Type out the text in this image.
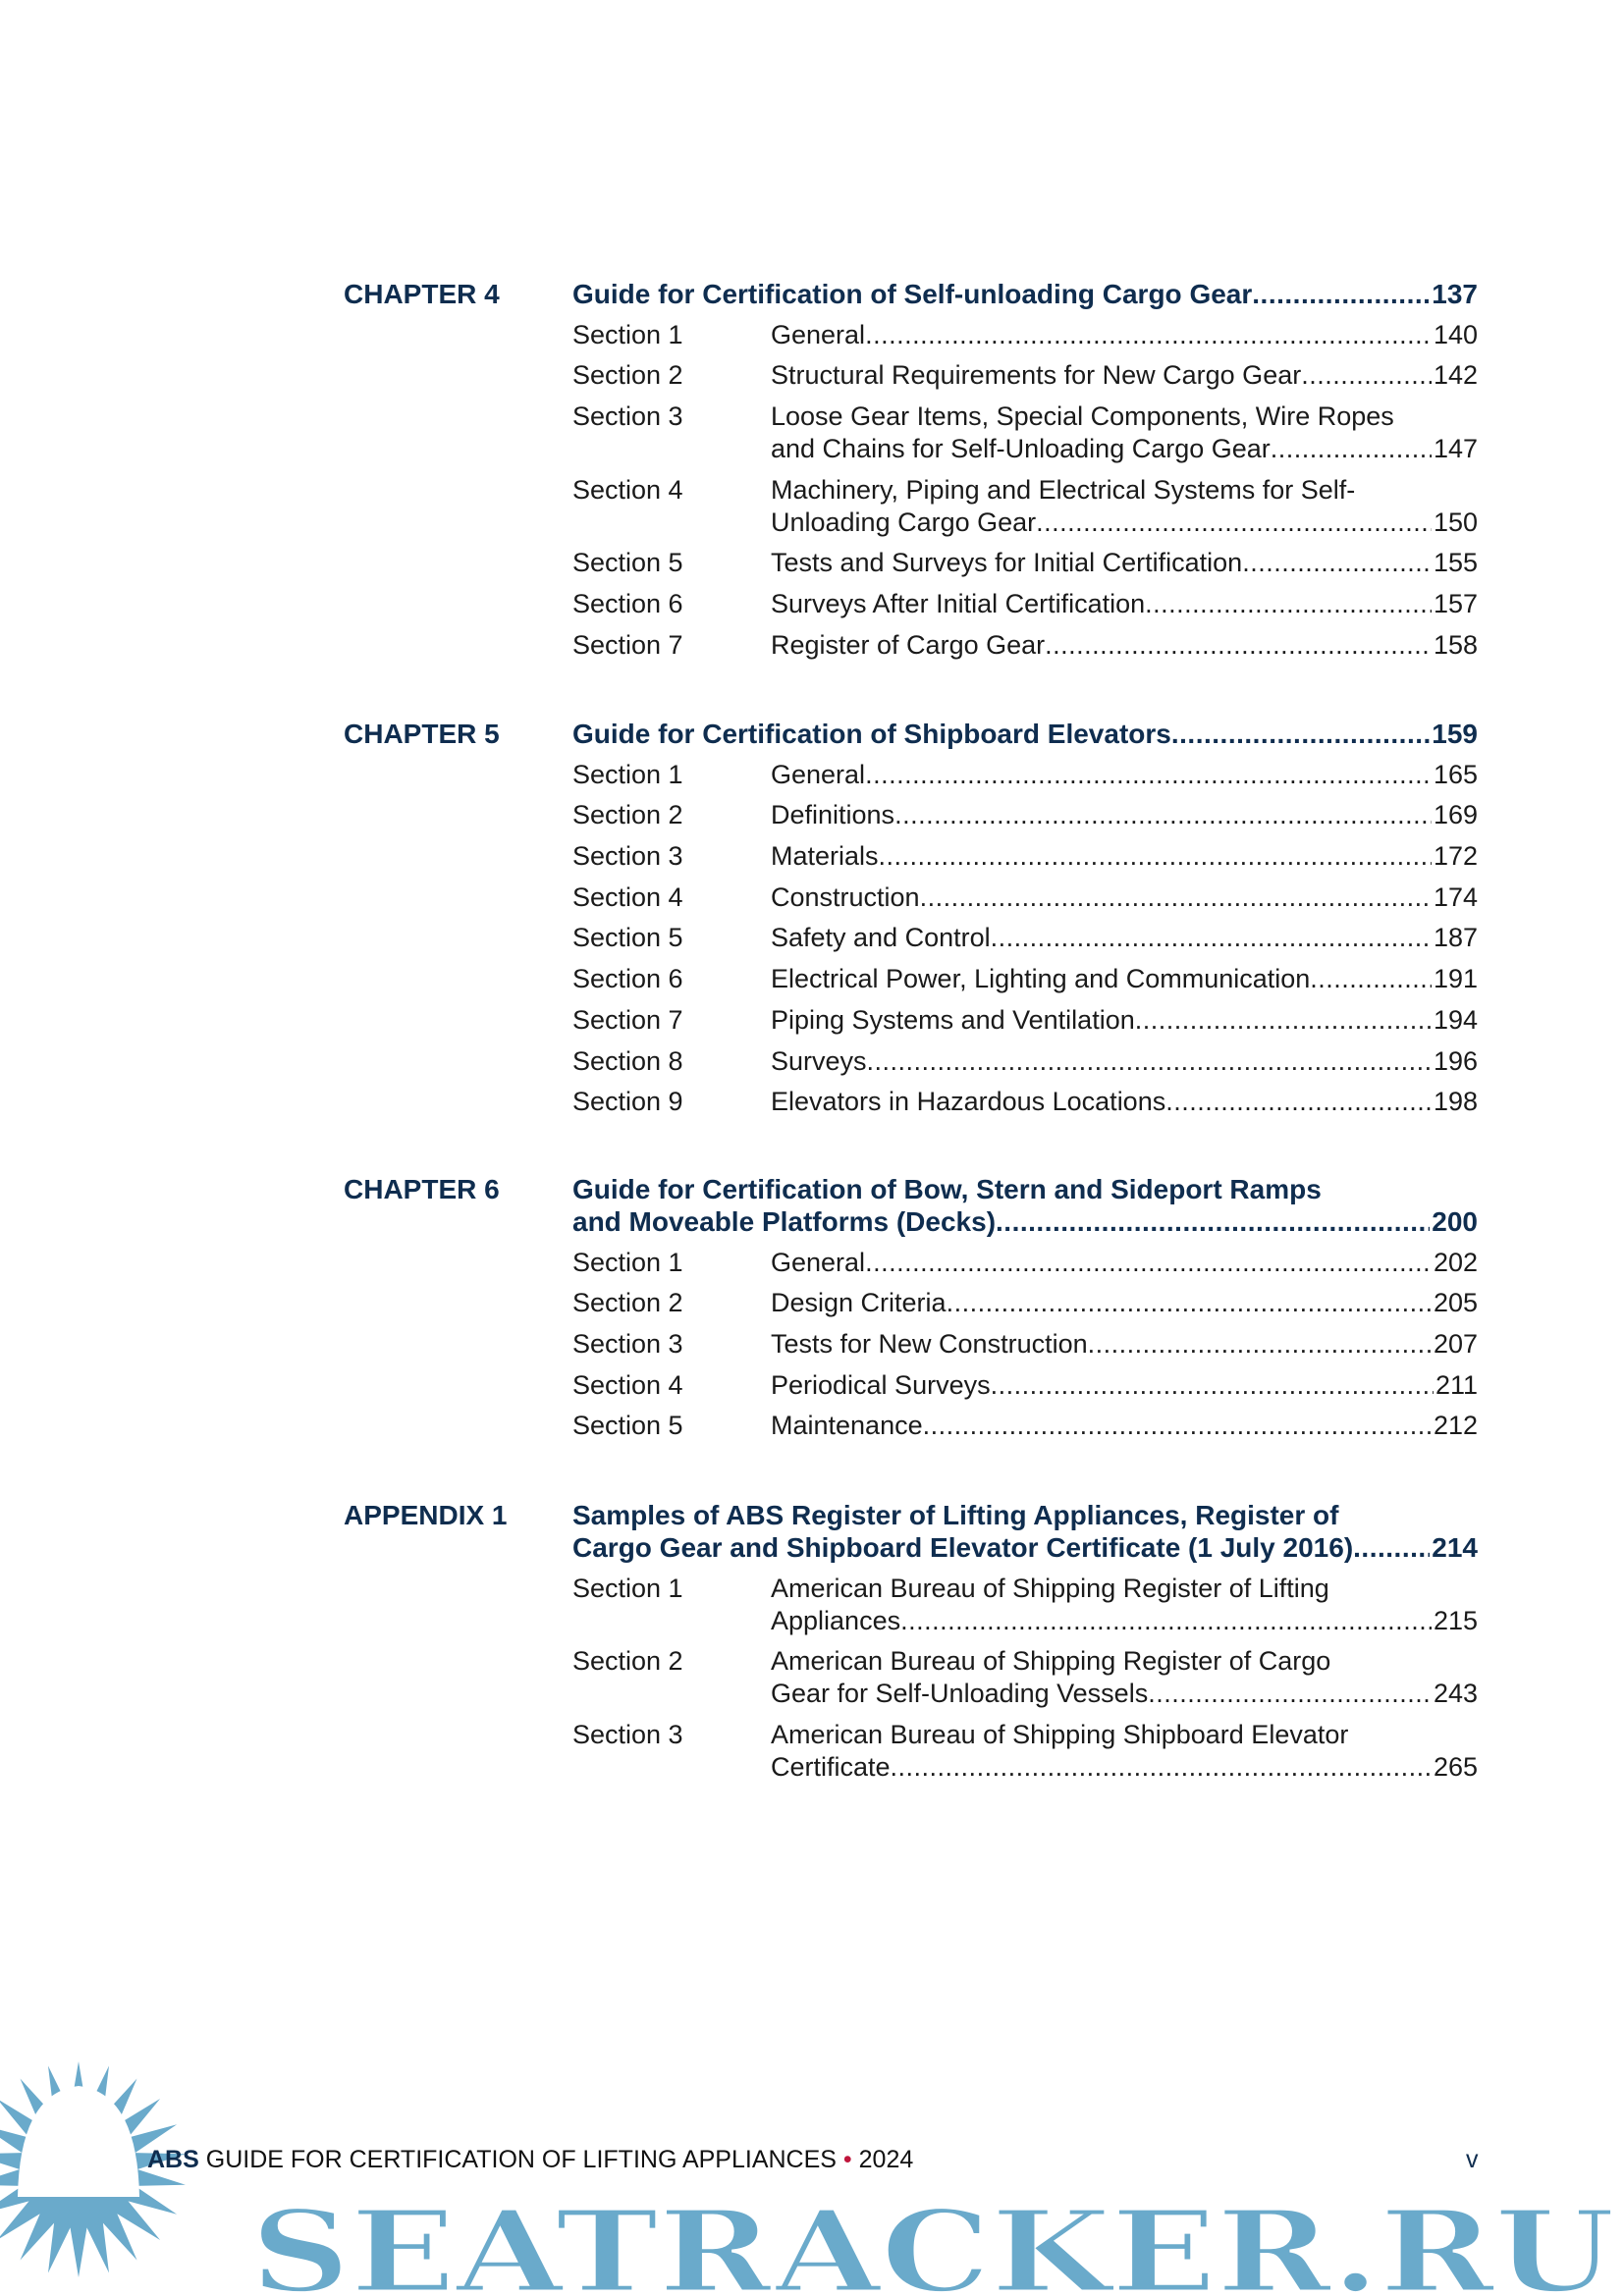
CHAPTER 4	Guide for Certification of Self-unloading Cargo Gear .....	137
Section 1	General .....	140
Section 2	Structural Requirements for New Cargo Gear .....	142
Section 3	Loose Gear Items, Special Components, Wire Ropes
and Chains for Self-Unloading Cargo Gear .....	147
Section 4	Machinery, Piping and Electrical Systems for Self-
Unloading Cargo Gear .....	150
Section 5	Tests and Surveys for Initial Certification .....	155
Section 6	Surveys After Initial Certification .....	157
Section 7	Register of Cargo Gear .....	158
CHAPTER 5	Guide for Certification of Shipboard Elevators .....	159
Section 1	General .....	165
Section 2	Definitions .....	169
Section 3	Materials .....	172
Section 4	Construction .....	174
Section 5	Safety and Control .....	187
Section 6	Electrical Power, Lighting and Communication .....	191
Section 7	Piping Systems and Ventilation .....	194
Section 8	Surveys .....	196
Section 9	Elevators in Hazardous Locations .....	198
CHAPTER 6	Guide for Certification of Bow, Stern and Sideport Ramps
and Moveable Platforms (Decks) .....	200
Section 1	General .....	202
Section 2	Design Criteria .....	205
Section 3	Tests for New Construction .....	207
Section 4	Periodical Surveys .....	211
Section 5	Maintenance .....	212
APPENDIX 1 Samples of ABS Register of Lifting Appliances, Register of
Cargo Gear and Shipboard Elevator Certificate (1 July 2016) .....	214
Section 1	American Bureau of Shipping Register of Lifting
Appliances .....	215
Section 2	American Bureau of Shipping Register of Cargo
Gear for Self-Unloading Vessels .....	243
Section 3	American Bureau of Shipping Shipboard Elevator
Certificate .....	265
SEATRACKER.RU
ABS GUIDE FOR CERTIFICATION OF LIFTING APPLIANCES • 2024	v
